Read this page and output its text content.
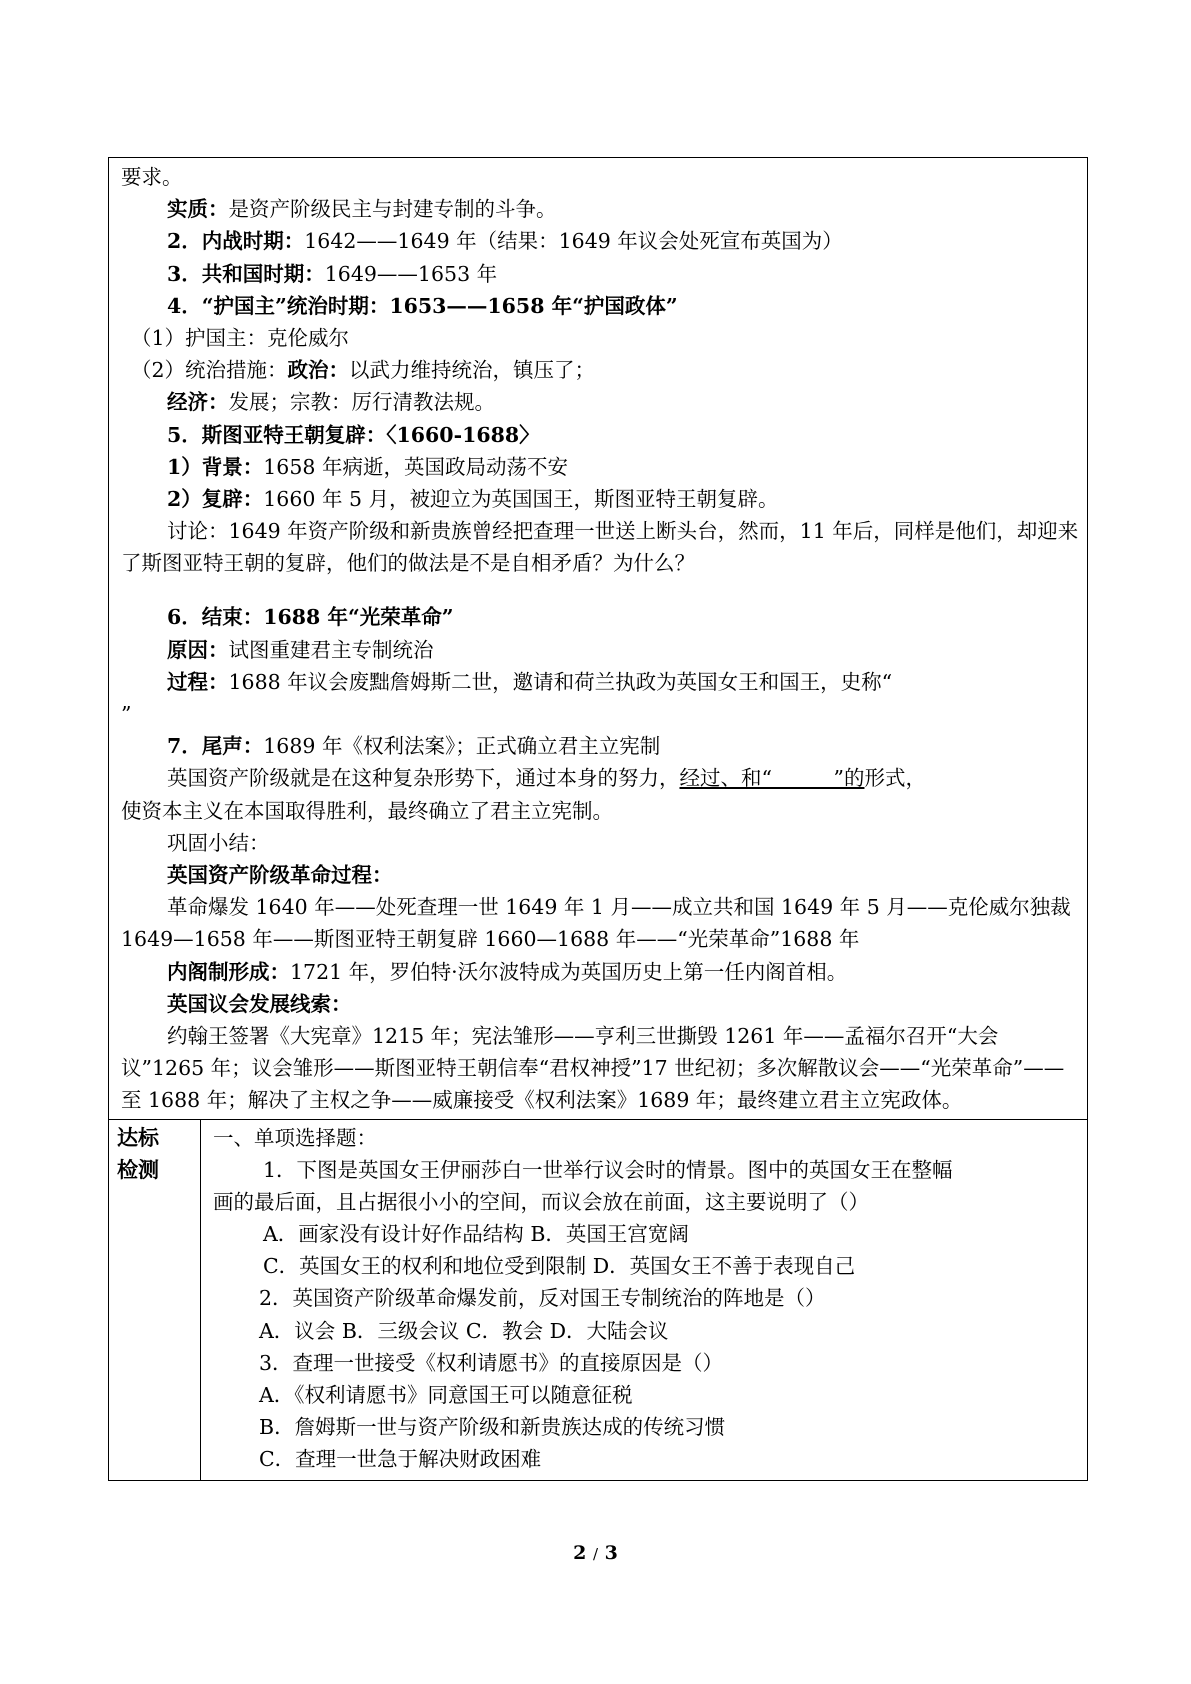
要求。
实质：是资产阶级民主与封建专制的斗争。
2．内战时期：1642——1649 年（结果：1649 年议会处死宣布英国为）
3．共和国时期：1649——1653 年
4．“护国主”统治时期：1653——1658 年“护国政体”
（1）护国主：克伦威尔
（2）统治措施：政治：以武力维持统治，镇压了；
经济：发展；宗教：厉行清教法规。
5．斯图亚特王朝复辟：〈1660-1688〉
1）背景：1658 年病逝，英国政局动荡不安
2）复辟：1660 年 5 月，被迎立为英国国王，斯图亚特王朝复辟。
讨论：1649 年资产阶级和新贵族曾经把查理一世送上断头台，然而，11 年后，同样是他们，却迎来了斯图亚特王朝的复辟，他们的做法是不是自相矛盾？为什么？
6．结束：1688 年“光荣革命”
原因：试图重建君主专制统治
过程：1688 年议会废黜詹姆斯二世，邀请和荷兰执政为英国女王和国王，史称“
”
7．尾声：1689 年《权利法案》；正式确立君主立宪制
英国资产阶级就是在这种复杂形势下，通过本身的努力，经过、和“　　　”的形式，
使资本主义在本国取得胜利，最终确立了君主立宪制。
巩固小结：
英国资产阶级革命过程：
革命爆发 1640 年——处死查理一世 1649 年 1 月——成立共和国 1649 年 5 月——克伦威尔独裁 1649—1658 年——斯图亚特王朝复辟 1660—1688 年——“光荣革命”1688 年
内阁制形成：1721 年，罗伯特·沃尔波特成为英国历史上第一任内阁首相。
英国议会发展线索：
约翰王签署《大宪章》1215 年；宪法雏形——亨利三世撕毁 1261 年——孟福尔召开“大会议”1265 年；议会雏形——斯图亚特王朝信奉“君权神授”17 世纪初；多次解散议会——“光荣革命”——至 1688 年；解决了主权之争——威廉接受《权利法案》1689 年；最终建立君主立宪政体。
达标
检测
一、单项选择题：
1．下图是英国女王伊丽莎白一世举行议会时的情景。图中的英国女王在整幅
画的最后面，且占据很小小的空间，而议会放在前面，这主要说明了（）
A．画家没有设计好作品结构 B．英国王宫宽阔
C．英国女王的权利和地位受到限制 D．英国女王不善于表现自己
2．英国资产阶级革命爆发前，反对国王专制统治的阵地是（）
A．议会 B．三级会议 C．教会 D．大陆会议
3．查理一世接受《权利请愿书》的直接原因是（）
A．《权利请愿书》同意国王可以随意征税
B．詹姆斯一世与资产阶级和新贵族达成的传统习惯
C．查理一世急于解决财政困难
2 / 3
